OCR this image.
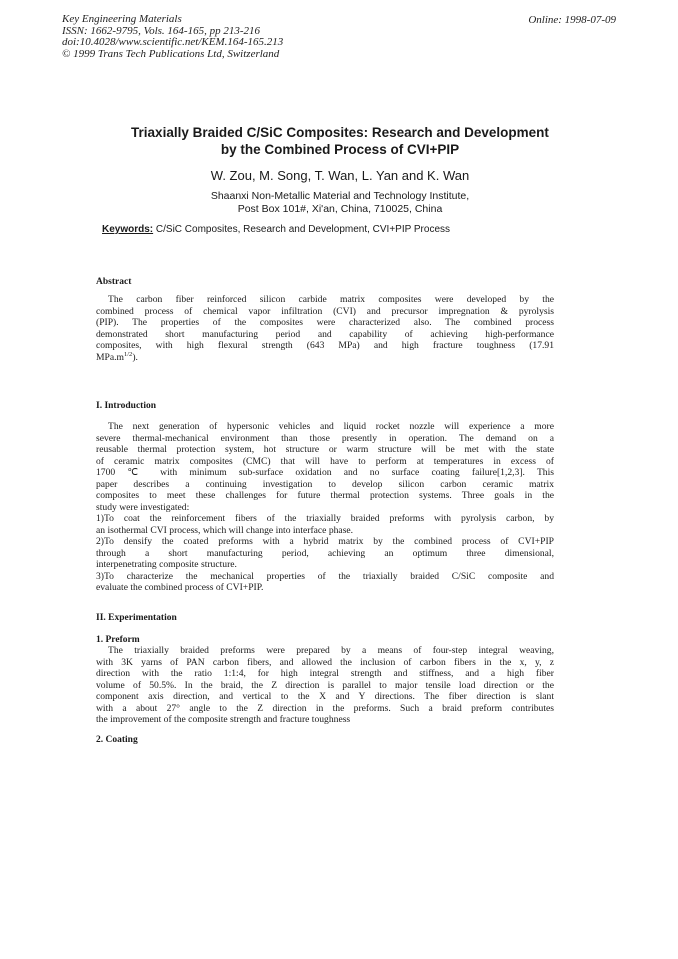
Key Engineering Materials
ISSN: 1662-9795, Vols. 164-165, pp 213-216
doi:10.4028/www.scientific.net/KEM.164-165.213
© 1999 Trans Tech Publications Ltd, Switzerland
Online: 1998-07-09
Triaxially Braided C/SiC Composites: Research and Development
by the Combined Process of CVI+PIP
W. Zou, M. Song, T. Wan, L. Yan and K. Wan
Shaanxi Non-Metallic Material and Technology Institute,
Post Box 101#, Xi'an, China, 710025, China
Keywords: C/SiC Composites, Research and Development, CVI+PIP Process
Abstract
The carbon fiber reinforced silicon carbide matrix composites were developed by the
combined process of chemical vapor infiltration (CVI) and precursor impregnation & pyrolysis
(PIP). The properties of the composites were characterized also. The combined process
demonstrated short manufacturing period and capability of achieving high-performance
composites, with high flexural strength (643 MPa) and high fracture toughness (17.91
$MPa.m^{1/2}$).
I. Introduction
The next generation of hypersonic vehicles and liquid rocket nozzle will experience a more
severe thermal-mechanical environment than those presently in operation. The demand on a
reusable thermal protection system, hot structure or warm structure will be met with the state
of ceramic matrix composites (CMC) that will have to perform at temperatures in excess of
1700 ℃ with minimum sub-surface oxidation and no surface coating failure[1,2,3]. This
paper describes a continuing investigation to develop silicon carbon ceramic matrix
composites to meet these challenges for future thermal protection systems. Three goals in the
study were investigated:
1)To coat the reinforcement fibers of the triaxially braided preforms with pyrolysis carbon, by
an isothermal CVI process, which will change into interface phase.
2)To densify the coated preforms with a hybrid matrix by the combined process of CVI+PIP
through a short manufacturing period, achieving an optimum three dimensional,
interpenetrating composite structure.
3)To characterize the mechanical properties of the triaxially braided C/SiC composite and
evaluate the combined process of CVI+PIP.
II. Experimentation
1. Preform
The triaxially braided preforms were prepared by a means of four-step integral weaving,
with 3K yarns of PAN carbon fibers, and allowed the inclusion of carbon fibers in the x, y, z
direction with the ratio 1:1:4, for high integral strength and stiffness, and a high fiber
volume of 50.5%. In the braid, the Z direction is parallel to major tensile load direction or the
component axis direction, and vertical to the X and Y directions. The fiber direction is slant
with a about 27° angle to the Z direction in the preforms. Such a braid preform contributes
the improvement of the composite strength and fracture toughness
2. Coating
